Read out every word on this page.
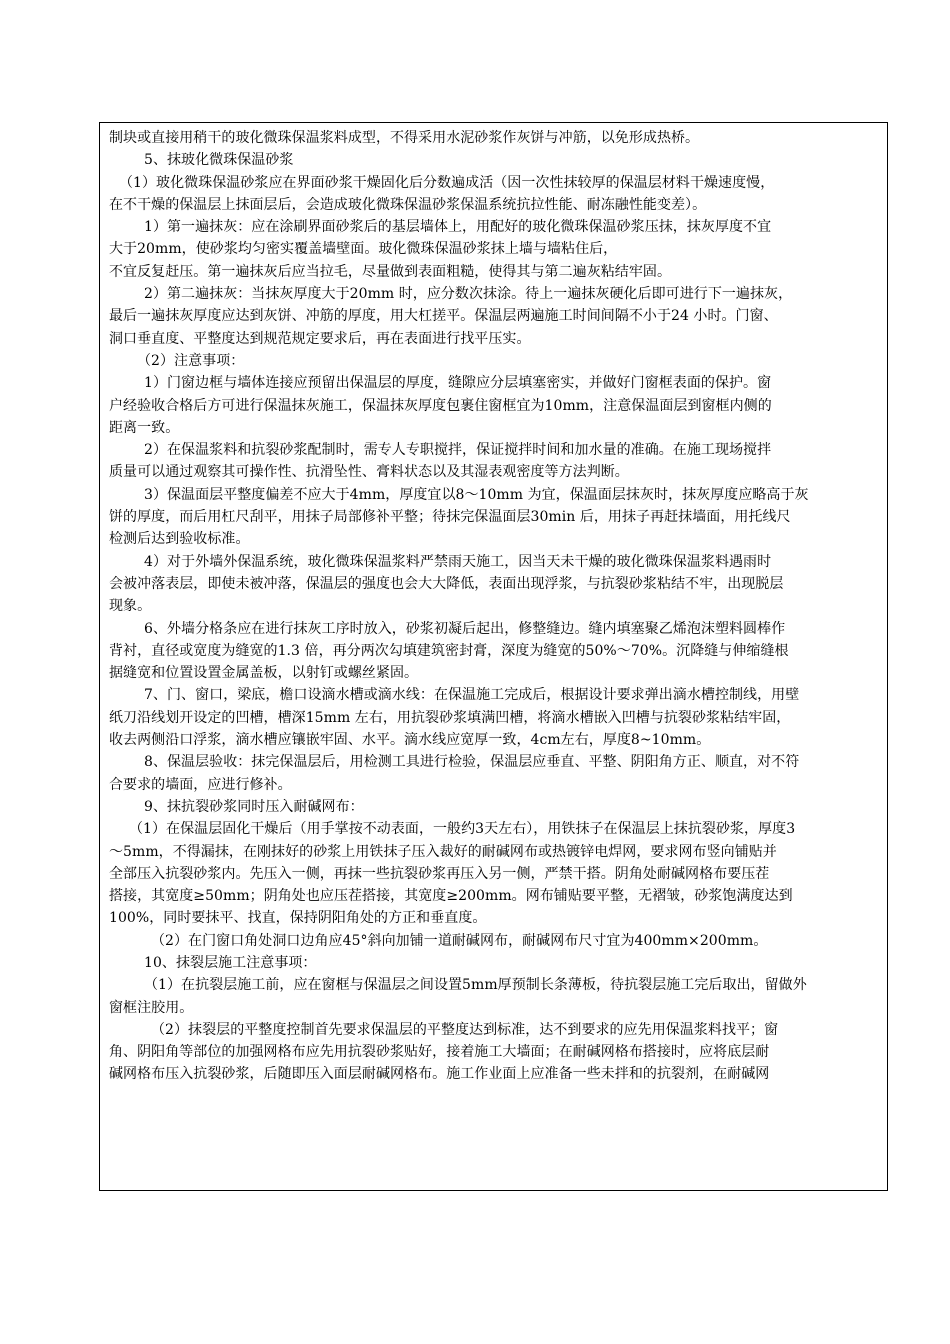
制块或直接用稍干的玻化微珠保温浆料成型，不得采用水泥砂浆作灰饼与冲筋，以免形成热桥。
5、抹玻化微珠保温砂浆
（1）玻化微珠保温砂浆应在界面砂浆干燥固化后分数遍成活（因一次性抹较厚的保温层材料干燥速度慢，
在不干燥的保温层上抹面层后，会造成玻化微珠保温砂浆保温系统抗拉性能、耐冻融性能变差）。
1）第一遍抹灰：应在涂刷界面砂浆后的基层墙体上，用配好的玻化微珠保温砂浆压抹，抹灰厚度不宜
大于20mm，使砂浆均匀密实覆盖墙壁面。玻化微珠保温砂浆抹上墙与墙粘住后，
不宜反复赶压。第一遍抹灰后应当拉毛，尽量做到表面粗糙，使得其与第二遍灰粘结牢固。
2）第二遍抹灰：当抹灰厚度大于20mm 时，应分数次抹涂。待上一遍抹灰硬化后即可进行下一遍抹灰，
最后一遍抹灰厚度应达到灰饼、冲筋的厚度，用大杠搓平。保温层两遍施工时间间隔不小于24 小时。门窗、
洞口垂直度、平整度达到规范规定要求后，再在表面进行找平压实。
（2）注意事项：
1）门窗边框与墙体连接应预留出保温层的厚度，缝隙应分层填塞密实，并做好门窗框表面的保护。窗
户经验收合格后方可进行保温抹灰施工，保温抹灰厚度包裹住窗框宜为10mm，注意保温面层到窗框内侧的
距离一致。
2）在保温浆料和抗裂砂浆配制时，需专人专职搅拌，保证搅拌时间和加水量的准确。在施工现场搅拌
质量可以通过观察其可操作性、抗滑坠性、膏料状态以及其湿表观密度等方法判断。
3）保温面层平整度偏差不应大于4mm，厚度宜以8～10mm 为宜，保温面层抹灰时，抹灰厚度应略高于灰
饼的厚度，而后用杠尺刮平，用抹子局部修补平整；待抹完保温面层30min 后，用抹子再赶抹墙面，用托线尺
检测后达到验收标准。
4）对于外墙外保温系统，玻化微珠保温浆料严禁雨天施工，因当天未干燥的玻化微珠保温浆料遇雨时
会被冲落表层，即使未被冲落，保温层的强度也会大大降低，表面出现浮浆，与抗裂砂浆粘结不牢，出现脱层
现象。
6、外墙分格条应在进行抹灰工序时放入，砂浆初凝后起出，修整缝边。缝内填塞聚乙烯泡沫塑料圆棒作
背衬，直径或宽度为缝宽的1.3 倍，再分两次勾填建筑密封膏，深度为缝宽的50%～70%。沉降缝与伸缩缝根
据缝宽和位置设置金属盖板，以射钉或螺丝紧固。
7、门、窗口，梁底，檐口设滴水槽或滴水线：在保温施工完成后，根据设计要求弹出滴水槽控制线，用壁
纸刀沿线划开设定的凹槽，槽深15mm 左右，用抗裂砂浆填满凹槽，将滴水槽嵌入凹槽与抗裂砂浆粘结牢固，
收去两侧沿口浮浆，滴水槽应镶嵌牢固、水平。滴水线应宽厚一致，4cm左右，厚度8~10mm。
8、保温层验收：抹完保温层后，用检测工具进行检验，保温层应垂直、平整、阴阳角方正、顺直，对不符
合要求的墙面，应进行修补。
9、抹抗裂砂浆同时压入耐碱网布：
（1）在保温层固化干燥后（用手掌按不动表面，一般约3天左右），用铁抹子在保温层上抹抗裂砂浆，厚度3
～5mm，不得漏抹，在刚抹好的砂浆上用铁抹子压入裁好的耐碱网布或热镀锌电焊网，要求网布竖向铺贴并
全部压入抗裂砂浆内。先压入一侧，再抹一些抗裂砂浆再压入另一侧，严禁干搭。阴角处耐碱网格布要压茬
搭接，其宽度≥50mm；阴角处也应压茬搭接，其宽度≥200mm。网布铺贴要平整，无褶皱，砂浆饱满度达到
100%，同时要抹平、找直，保持阴阳角处的方正和垂直度。
（2）在门窗口角处洞口边角应45°斜向加铺一道耐碱网布，耐碱网布尺寸宜为400mm×200mm。
10、抹裂层施工注意事项：
（1）在抗裂层施工前，应在窗框与保温层之间设置5mm厚预制长条薄板，待抗裂层施工完后取出，留做外
窗框注胶用。
（2）抹裂层的平整度控制首先要求保温层的平整度达到标准，达不到要求的应先用保温浆料找平；窗
角、阴阳角等部位的加强网格布应先用抗裂砂浆贴好，接着施工大墙面；在耐碱网格布搭接时，应将底层耐
碱网格布压入抗裂砂浆，后随即压入面层耐碱网格布。施工作业面上应准备一些未拌和的抗裂剂，在耐碱网
